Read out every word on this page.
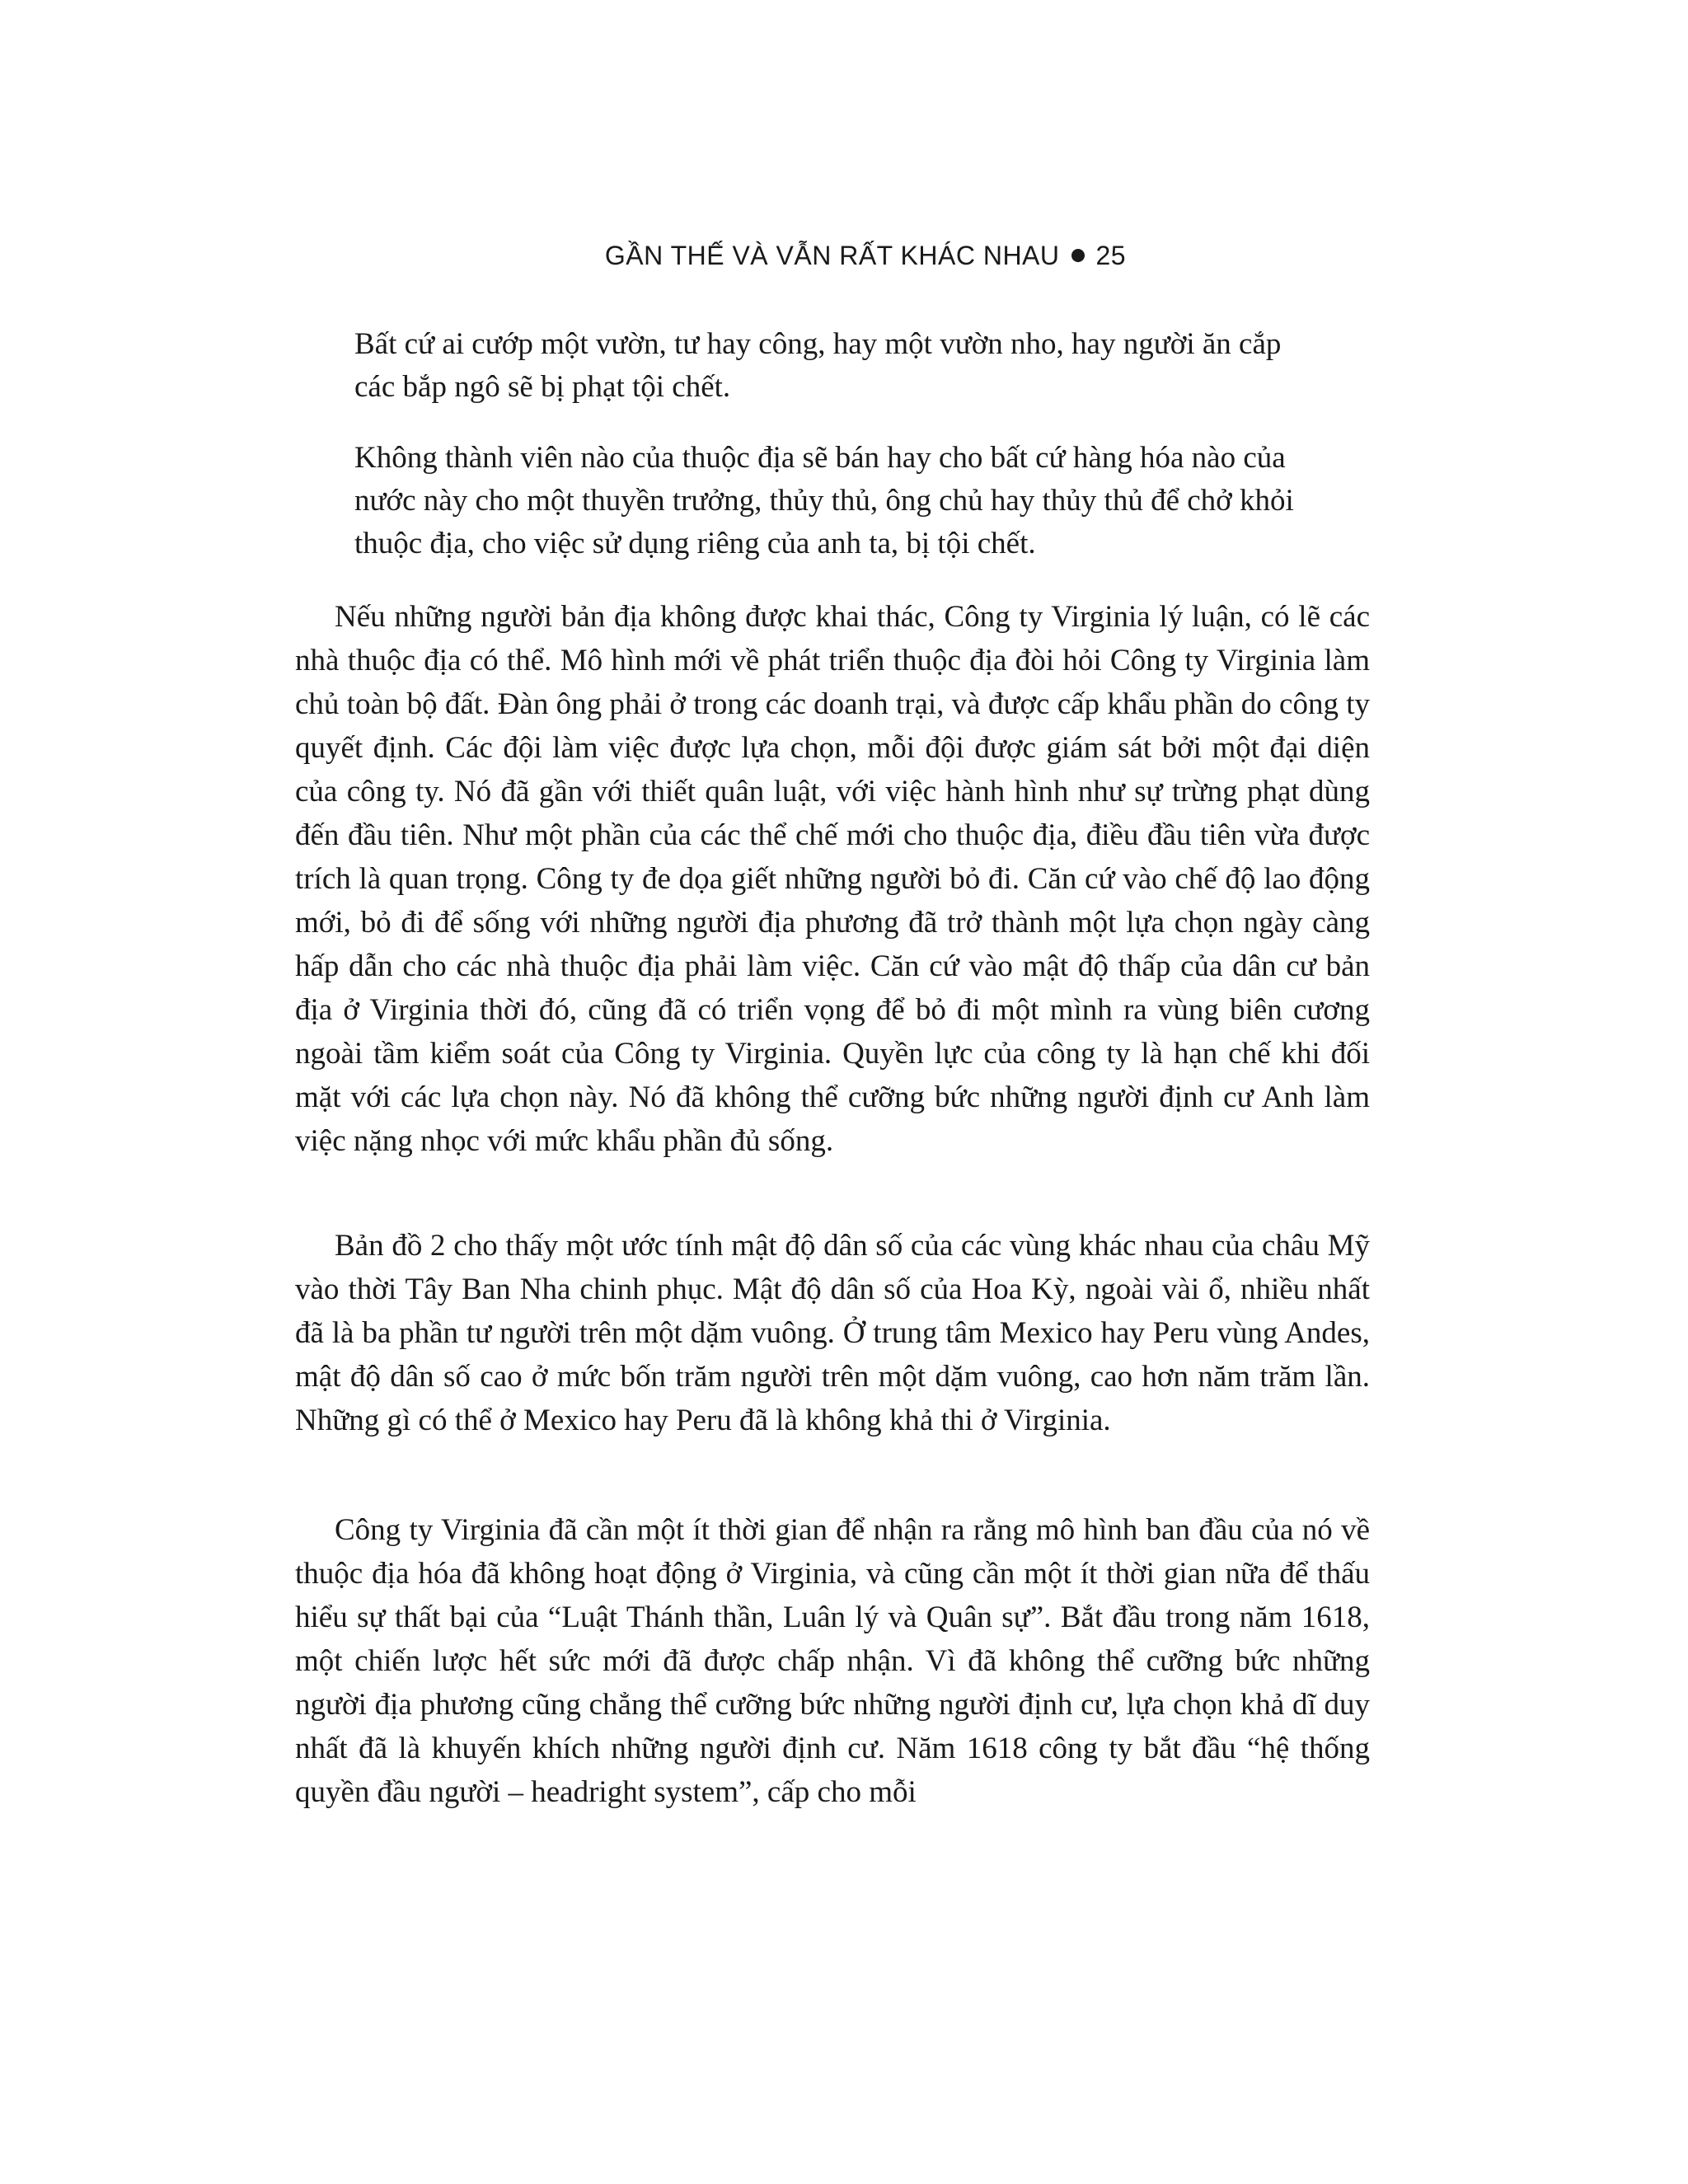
GẦN THẾ VÀ VẪN RẤT KHÁC NHAU 25

Bất cứ ai cướp một vườn, tư hay công, hay một vườn nho, hay người ăn cắp các bắp ngô sẽ bị phạt tội chết.

Không thành viên nào của thuộc địa sẽ bán hay cho bất cứ hàng hóa nào của nước này cho một thuyền trưởng, thủy thủ, ông chủ hay thủy thủ để chở khỏi thuộc địa, cho việc sử dụng riêng của anh ta, bị tội chết.

Nếu những người bản địa không được khai thác, Công ty Virginia lý luận, có lẽ các nhà thuộc địa có thể. Mô hình mới về phát triển thuộc địa đòi hỏi Công ty Virginia làm chủ toàn bộ đất. Đàn ông phải ở trong các doanh trại, và được cấp khẩu phần do công ty quyết định. Các đội làm việc được lựa chọn, mỗi đội được giám sát bởi một đại diện của công ty. Nó đã gần với thiết quân luật, với việc hành hình như sự trừng phạt dùng đến đầu tiên. Như một phần của các thể chế mới cho thuộc địa, điều đầu tiên vừa được trích là quan trọng. Công ty đe dọa giết những người bỏ đi. Căn cứ vào chế độ lao động mới, bỏ đi để sống với những người địa phương đã trở thành một lựa chọn ngày càng hấp dẫn cho các nhà thuộc địa phải làm việc. Căn cứ vào mật độ thấp của dân cư bản địa ở Virginia thời đó, cũng đã có triển vọng để bỏ đi một mình ra vùng biên cương ngoài tầm kiểm soát của Công ty Virginia. Quyền lực của công ty là hạn chế khi đối mặt với các lựa chọn này. Nó đã không thể cưỡng bức những người định cư Anh làm việc nặng nhọc với mức khẩu phần đủ sống.

Bản đồ 2 cho thấy một ước tính mật độ dân số của các vùng khác nhau của châu Mỹ vào thời Tây Ban Nha chinh phục. Mật độ dân số của Hoa Kỳ, ngoài vài ổ, nhiều nhất đã là ba phần tư người trên một dặm vuông. Ở trung tâm Mexico hay Peru vùng Andes, mật độ dân số cao ở mức bốn trăm người trên một dặm vuông, cao hơn năm trăm lần. Những gì có thể ở Mexico hay Peru đã là không khả thi ở Virginia.

Công ty Virginia đã cần một ít thời gian để nhận ra rằng mô hình ban đầu của nó về thuộc địa hóa đã không hoạt động ở Virginia, và cũng cần một ít thời gian nữa để thấu hiểu sự thất bại của “Luật Thánh thần, Luân lý và Quân sự”. Bắt đầu trong năm 1618, một chiến lược hết sức mới đã được chấp nhận. Vì đã không thể cưỡng bức những người địa phương cũng chẳng thể cưỡng bức những người định cư, lựa chọn khả dĩ duy nhất đã là khuyến khích những người định cư. Năm 1618 công ty bắt đầu “hệ thống quyền đầu người – headright system”, cấp cho mỗi
